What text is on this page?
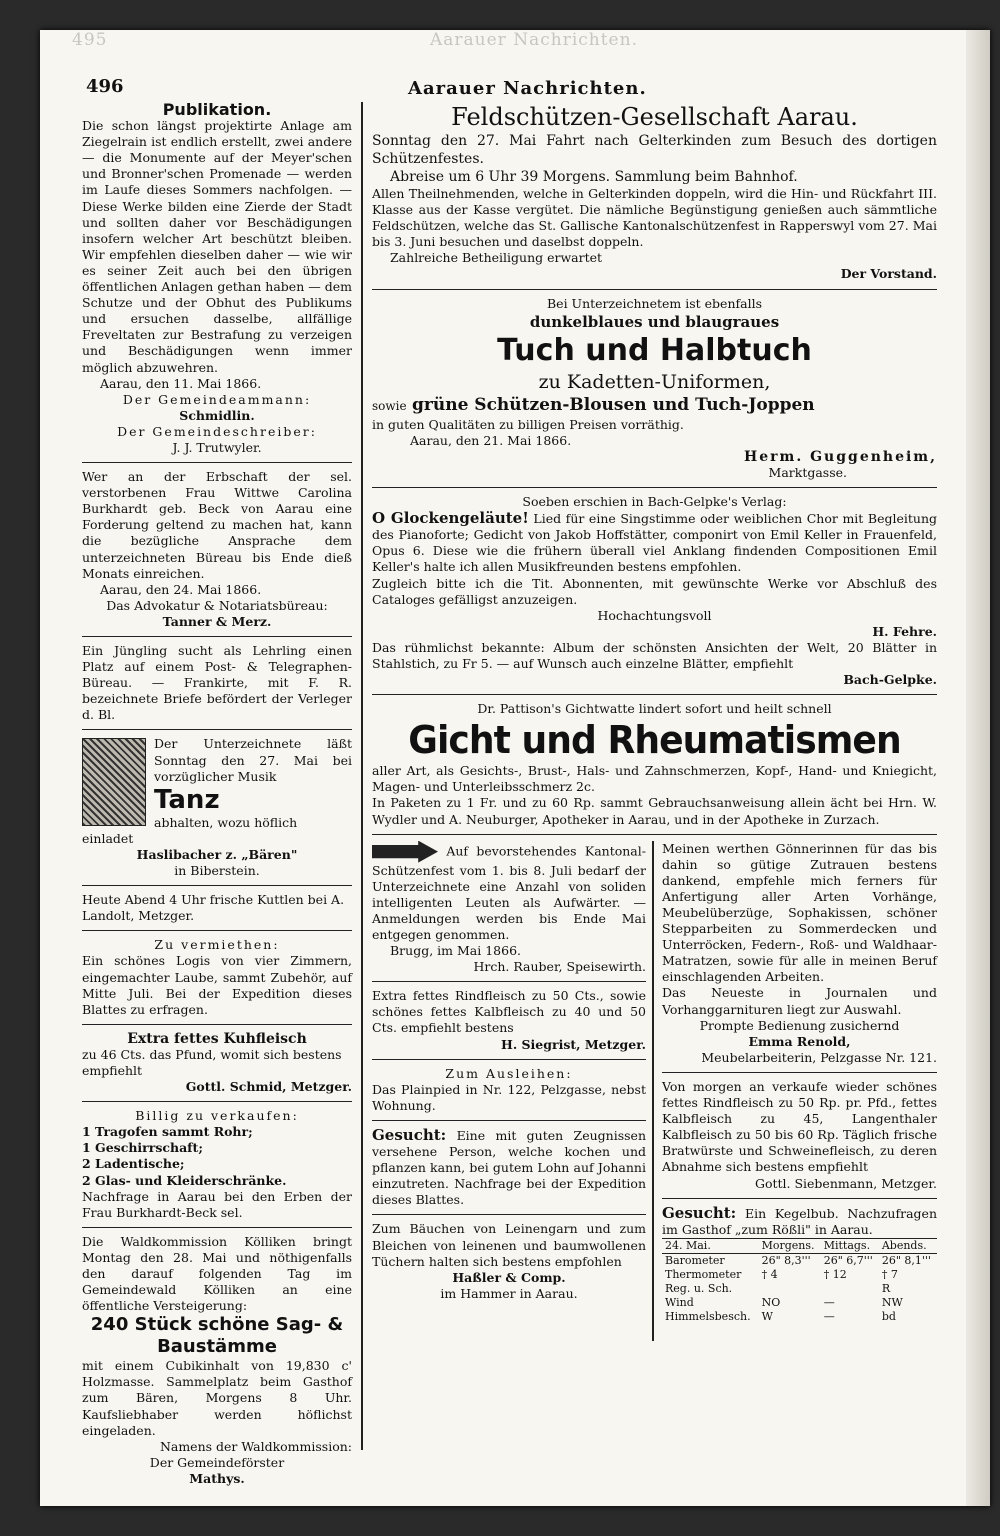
495	Aarauer Nachrichten.
496	Aarauer Nachrichten.

Publikation.

Die schon längst projektirte Anlage am Ziegelrain ist endlich erstellt, zwei andere — die Monumente auf der Meyer'schen und Bronner'schen Promenade — werden im Laufe dieses Sommers nachfolgen. — Diese Werke bilden eine Zierde der Stadt und sollten daher vor Beschädigungen insofern welcher Art beschützt bleiben. Wir empfehlen dieselben daher — wie wir es seiner Zeit auch bei den übrigen öffentlichen Anlagen gethan haben — dem Schutze und der Obhut des Publikums und ersuchen dasselbe, allfällige Freveltaten zur Bestrafung zu verzeigen und Beschädigungen wenn immer möglich abzuwehren.

Aarau, den 11. Mai 1866.

Der Gemeindeammann:

Schmidlin.

Der Gemeindeschreiber:

J. J. Trutwyler.

Wer an der Erbschaft der sel. verstorbenen Frau Wittwe Carolina Burkhardt geb. Beck von Aarau eine Forderung geltend zu machen hat, kann die bezügliche Ansprache dem unterzeichneten Büreau bis Ende dieß Monats einreichen.

Aarau, den 24. Mai 1866.

Das Advokatur & Notariatsbüreau:

Tanner & Merz.

Ein Jüngling sucht als Lehrling einen Platz auf einem Post- & Telegraphen-Büreau. — Frankirte, mit F. R. bezeichnete Briefe befördert der Verleger d. Bl.

Der Unterzeichnete läßt Sonntag den 27. Mai bei vorzüglicher Musik

Tanz

abhalten, wozu höflich einladet

Haslibacher z. „Bären"

in Biberstein.

Heute Abend 4 Uhr frische Kuttlen bei A. Landolt, Metzger.

Zu vermiethen:

Ein schönes Logis von vier Zimmern, eingemachter Laube, sammt Zubehör, auf Mitte Juli. Bei der Expedition dieses Blattes zu erfragen.

Extra fettes Kuhfleisch

zu 46 Cts. das Pfund, womit sich bestens empfiehlt

Gottl. Schmid, Metzger.

Billig zu verkaufen:

1 Tragofen sammt Rohr;

1 Geschirrschaft;

2 Ladentische;

2 Glas- und Kleiderschränke.

Nachfrage in Aarau bei den Erben der Frau Burkhardt-Beck sel.

Die Waldkommission Kölliken bringt Montag den 28. Mai und nöthigenfalls den darauf folgenden Tag im Gemeindewald Kölliken an eine öffentliche Versteigerung:

240 Stück schöne Sag- &

Baustämme

mit einem Cubikinhalt von 19,830 c' Holzmasse. Sammelplatz beim Gasthof zum Bären, Morgens 8 Uhr. Kaufsliebhaber werden höflichst eingeladen.

Namens der Waldkommission:

Der Gemeindeförster

Mathys.

Feldschützen-Gesellschaft Aarau.

Sonntag den 27. Mai Fahrt nach Gelterkinden zum Besuch des dortigen Schützenfestes.

Abreise um 6 Uhr 39 Morgens. Sammlung beim Bahnhof.

Allen Theilnehmenden, welche in Gelterkinden doppeln, wird die Hin- und Rückfahrt III. Klasse aus der Kasse vergütet. Die nämliche Begünstigung genießen auch sämmtliche Feldschützen, welche das St. Gallische Kantonalschützenfest in Rapperswyl vom 27. Mai bis 3. Juni besuchen und daselbst doppeln.

Zahlreiche Betheiligung erwartet

Der Vorstand.

Bei Unterzeichnetem ist ebenfalls

dunkelblaues und blaugraues

Tuch und Halbtuch

zu Kadetten-Uniformen,

sowie grüne Schützen-Blousen und Tuch-Joppen

in guten Qualitäten zu billigen Preisen vorräthig.

Aarau, den 21. Mai 1866.

Herm. Guggenheim,

Marktgasse.

Soeben erschien in Bach-Gelpke's Verlag:

O Glockengeläute! Lied für eine Singstimme oder weiblichen Chor mit Begleitung des Pianoforte; Gedicht von Jakob Hoffstätter, componirt von Emil Keller in Frauenfeld, Opus 6. Diese wie die frühern überall viel Anklang findenden Compositionen Emil Keller's halte ich allen Musikfreunden bestens empfohlen.

Zugleich bitte ich die Tit. Abonnenten, mit gewünschte Werke vor Abschluß des Cataloges gefälligst anzuzeigen.

Hochachtungsvoll

H. Fehre.

Das rühmlichst bekannte: Album der schönsten Ansichten der Welt, 20 Blätter in Stahlstich, zu Fr 5. — auf Wunsch auch einzelne Blätter, empfiehlt

Bach-Gelpke.

Dr. Pattison's Gichtwatte lindert sofort und heilt schnell

Gicht und Rheumatismen

aller Art, als Gesichts-, Brust-, Hals- und Zahnschmerzen, Kopf-, Hand- und Kniegicht, Magen- und Unterleibsschmerz 2c.

In Paketen zu 1 Fr. und zu 60 Rp. sammt Gebrauchsanweisung allein ächt bei Hrn. W. Wydler und A. Neuburger, Apotheker in Aarau, und in der Apotheke in Zurzach.

Auf bevorstehendes Kantonal-Schützenfest vom 1. bis 8. Juli bedarf der Unterzeichnete eine Anzahl von soliden intelligenten Leuten als Aufwärter. — Anmeldungen werden bis Ende Mai entgegen genommen.

Brugg, im Mai 1866.

Hrch. Rauber, Speisewirth.

Extra fettes Rindfleisch zu 50 Cts., sowie schönes fettes Kalbfleisch zu 40 und 50 Cts. empfiehlt bestens

H. Siegrist, Metzger.

Zum Ausleihen:

Das Plainpied in Nr. 122, Pelzgasse, nebst Wohnung.

Gesucht: Eine mit guten Zeugnissen versehene Person, welche kochen und pflanzen kann, bei gutem Lohn auf Johanni einzutreten. Nachfrage bei der Expedition dieses Blattes.

Zum Bäuchen von Leinengarn und zum Bleichen von leinenen und baumwollenen Tüchern halten sich bestens empfohlen

Haßler & Comp.

im Hammer in Aarau.

Meinen werthen Gönnerinnen für das bis dahin so gütige Zutrauen bestens dankend, empfehle mich ferners für Anfertigung aller Arten Vorhänge, Meubelüberzüge, Sophakissen, schöner Stepparbeiten zu Sommerdecken und Unterröcken, Federn-, Roß- und Waldhaar-Matratzen, sowie für alle in meinen Beruf einschlagenden Arbeiten.

Das Neueste in Journalen und Vorhanggarnituren liegt zur Auswahl.

Prompte Bedienung zusichernd

Emma Renold,

Meubelarbeiterin, Pelzgasse Nr. 121.

Von morgen an verkaufe wieder schönes fettes Rindfleisch zu 50 Rp. pr. Pfd., fettes Kalbfleisch zu 45, Langenthaler Kalbfleisch zu 50 bis 60 Rp. Täglich frische Bratwürste und Schweinefleisch, zu deren Abnahme sich bestens empfiehlt

Gottl. Siebenmann, Metzger.

Gesucht: Ein Kegelbub. Nachzufragen im Gasthof „zum Rößli" in Aarau.

24. Mai.	Morgens.	Mittags.	Abends.
Barometer	26" 8,3'''	26" 6,7'''	26" 8,1'''
Thermometer	† 4	† 12	† 7
Reg. u. Sch.			R
Wind	NO	—	NW
Himmelsbesch.	W	—	bd
